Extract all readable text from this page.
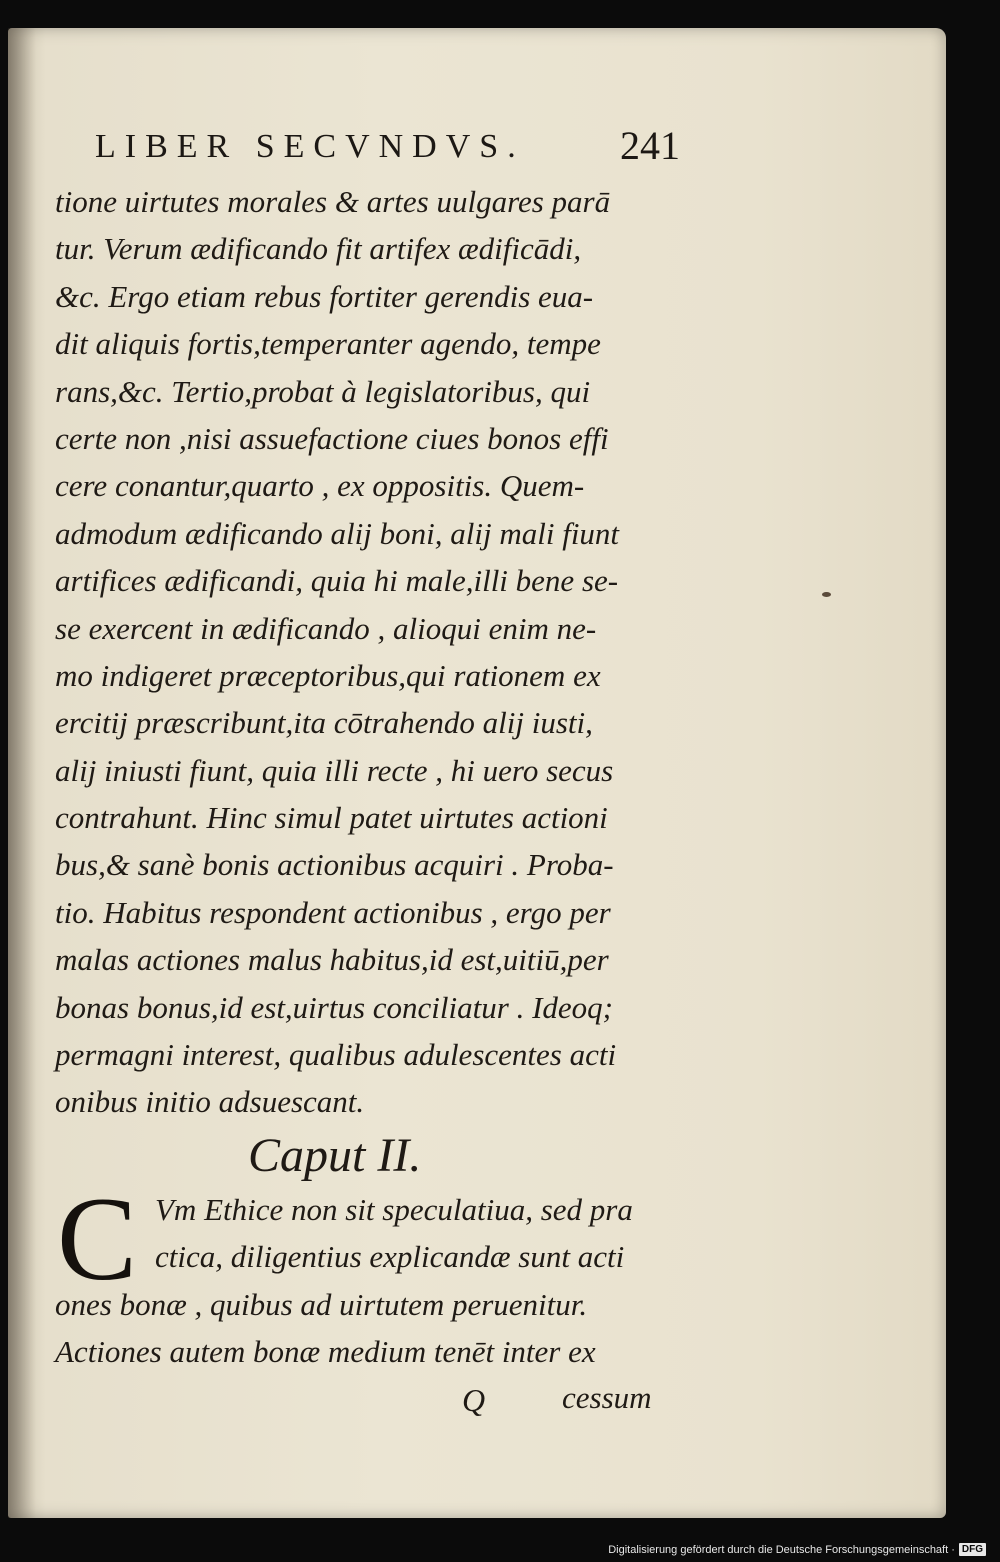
LIBER SECVNDVS. 241
tione uirtutes morales & artes uulgares parā
tur. Verum ædificando fit artifex ædificādi,
&c. Ergo etiam rebus fortiter gerendis eua-
dit aliquis fortis,temperanter agendo, tempe
rans,&c. Tertio,probat à legislatoribus, qui
certe non ,nisi assuefactione ciues bonos effi
cere conantur,quarto , ex oppositis. Quem-
admodum ædificando alij boni, alij mali fiunt
artifices ædificandi, quia hi male,illi bene se-
se exercent in ædificando , alioqui enim ne-
mo indigeret præceptoribus,qui rationem ex
ercitij præscribunt,ita cōtrahendo alij iusti,
alij iniusti fiunt, quia illi recte , hi uero secus
contrahunt. Hinc simul patet uirtutes actioni
bus,& sanè bonis actionibus acquiri . Proba-
tio. Habitus respondent actionibus , ergo per
malas actiones malus habitus,id est,uitiū,per
bonas bonus,id est,uirtus conciliatur . Ideoq;
permagni interest, qualibus adulescentes acti
onibus initio adsuescant.
Caput II.
C Vm Ethice non sit speculatiua, sed pra
ctica, diligentius explicandæ sunt acti
ones bonæ , quibus ad uirtutem peruenitur.
Actiones autem bonæ medium tenēt inter ex
Q cessum
Digitalisierung gefördert durch die Deutsche Forschungsgemeinschaft · DFG
